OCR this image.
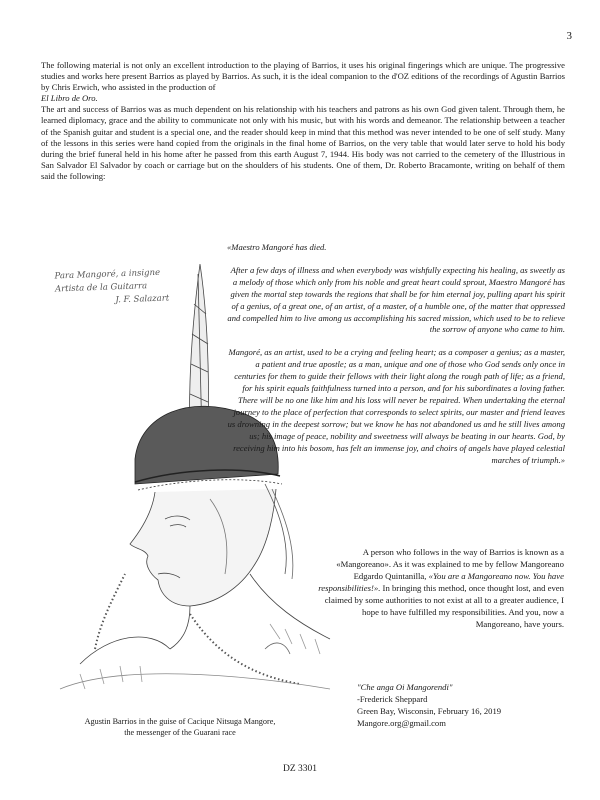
3

The following material is not only an excellent introduction to the playing of Barrios, it uses his original fingerings which are unique. The progressive studies and works here present Barrios as played by Barrios. As such, it is the ideal companion to the d'OZ editions of the recordings of Agustin Barrios by Chris Erwich, who assisted in the production of
El Libro de Oro.

The art and success of Barrios was as much dependent on his relationship with his teachers and patrons as his own God given talent. Through them, he learned diplomacy, grace and the ability to communicate not only with his music, but with his words and demeanor. The relationship between a teacher of the Spanish guitar and student is a special one, and the reader should keep in mind that this method was never intended to be one of self study. Many of the lessons in this series were hand copied from the originals in the final home of Barrios, on the very table that would later serve to hold his body during the brief funeral held in his home after he passed from this earth August 7, 1944. His body was not carried to the cemetery of the Illustrious in San Salvador El Salvador by coach or carriage but on the shoulders of his students. One of them, Dr. Roberto Bracamonte, writing on behalf of them said the following:

Para Mangoré, a insigne
Artista de la Guitarra
J. F. Salazart

«Maestro Mangoré has died.

After a few days of illness and when everybody was wishfully expecting his healing, as sweetly as a melody of those which only from his noble and great heart could sprout, Maestro Mangoré has given the mortal step towards the regions that shall be for him eternal joy, pulling apart his spirit of a genius, of a great one, of an artist, of a master, of a humble one, of the matter that oppressed and compelled him to live among us accomplishing his sacred mission, which used to be to relieve the sorrow of anyone who came to him.

Mangoré, as an artist, used to be a crying and feeling heart; as a composer a genius; as a master, a patient and true apostle; as a man, unique and one of those who God sends only once in centuries for them to guide their fellows with their light along the rough path of life; as a friend, for his spirit equals faithfulness turned into a person, and for his subordinates a loving father. There will be no one like him and his loss will never be repaired. When undertaking the eternal journey to the place of perfection that corresponds to select spirits, our master and friend leaves us drowning in the deepest sorrow; but we know he has not abandoned us and he still lives among us; his image of peace, nobility and sweetness will always be beating in our hearts. God, by receiving him into his bosom, has felt an immense joy, and choirs of angels have played celestial marches of triumph.»

A person who follows in the way of Barrios is known as a «Mangoreano». As it was explained to me by fellow Mangoreano Edgardo Quintanilla, «You are a Mangoreano now. You have responsibilities!». In bringing this method, once thought lost, and even claimed by some authorities to not exist at all to a greater audience, I hope to have fulfilled my responsibilities. And you, now a Mangoreano, have yours.

"Che anga Oi Mangorendi"
-Frederick Sheppard
Green Bay, Wisconsin, February 16, 2019
Mangore.org@gmail.com
Agustin Barrios in the guise of Cacique Nitsuga Mangore,
the messenger of the Guarani race
DZ 3301
